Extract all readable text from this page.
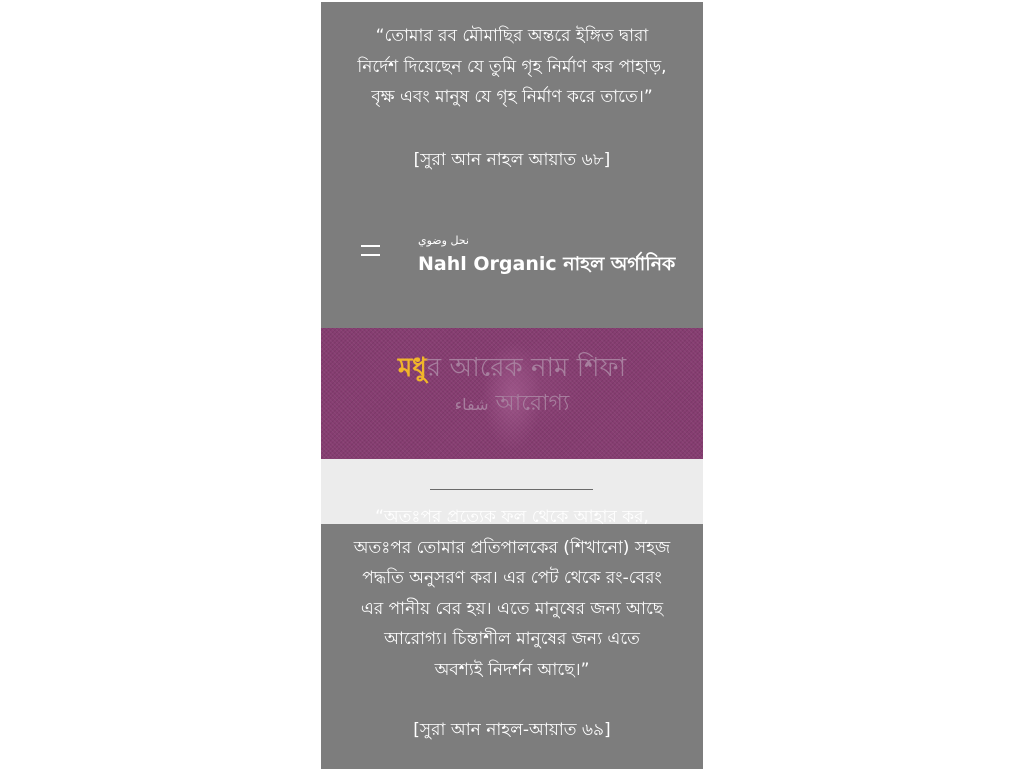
“তোমার রব মৌমাছির অন্তরে ইঙ্গিত দ্বারা
নির্দেশ দিয়েছেন যে তুমি গৃহ নির্মাণ কর পাহাড়,
বৃক্ষ এবং মানুষ যে গৃহ নির্মাণ করে তাতে।”
[সুরা আন নাহল আয়াত ৬৮]
نحل وضوي
Nahl Organic নাহল অর্গানিক
মধুর আরেক নাম শিফা
شفاء আরোগ্য
“অতঃপর প্রত্যেক ফল থেকে আহার কর,
অতঃপর তোমার প্রতিপালকের (শিখানো) সহজ
পদ্ধতি অনুসরণ কর। এর পেট থেকে রং-বেরং
এর পানীয় বের হয়। এতে মানুষের জন্য আছে
আরোগ্য। চিন্তাশীল মানুষের জন্য এতে
অবশ্যই নিদর্শন আছে।”
[সুরা আন নাহল-আয়াত ৬৯]
